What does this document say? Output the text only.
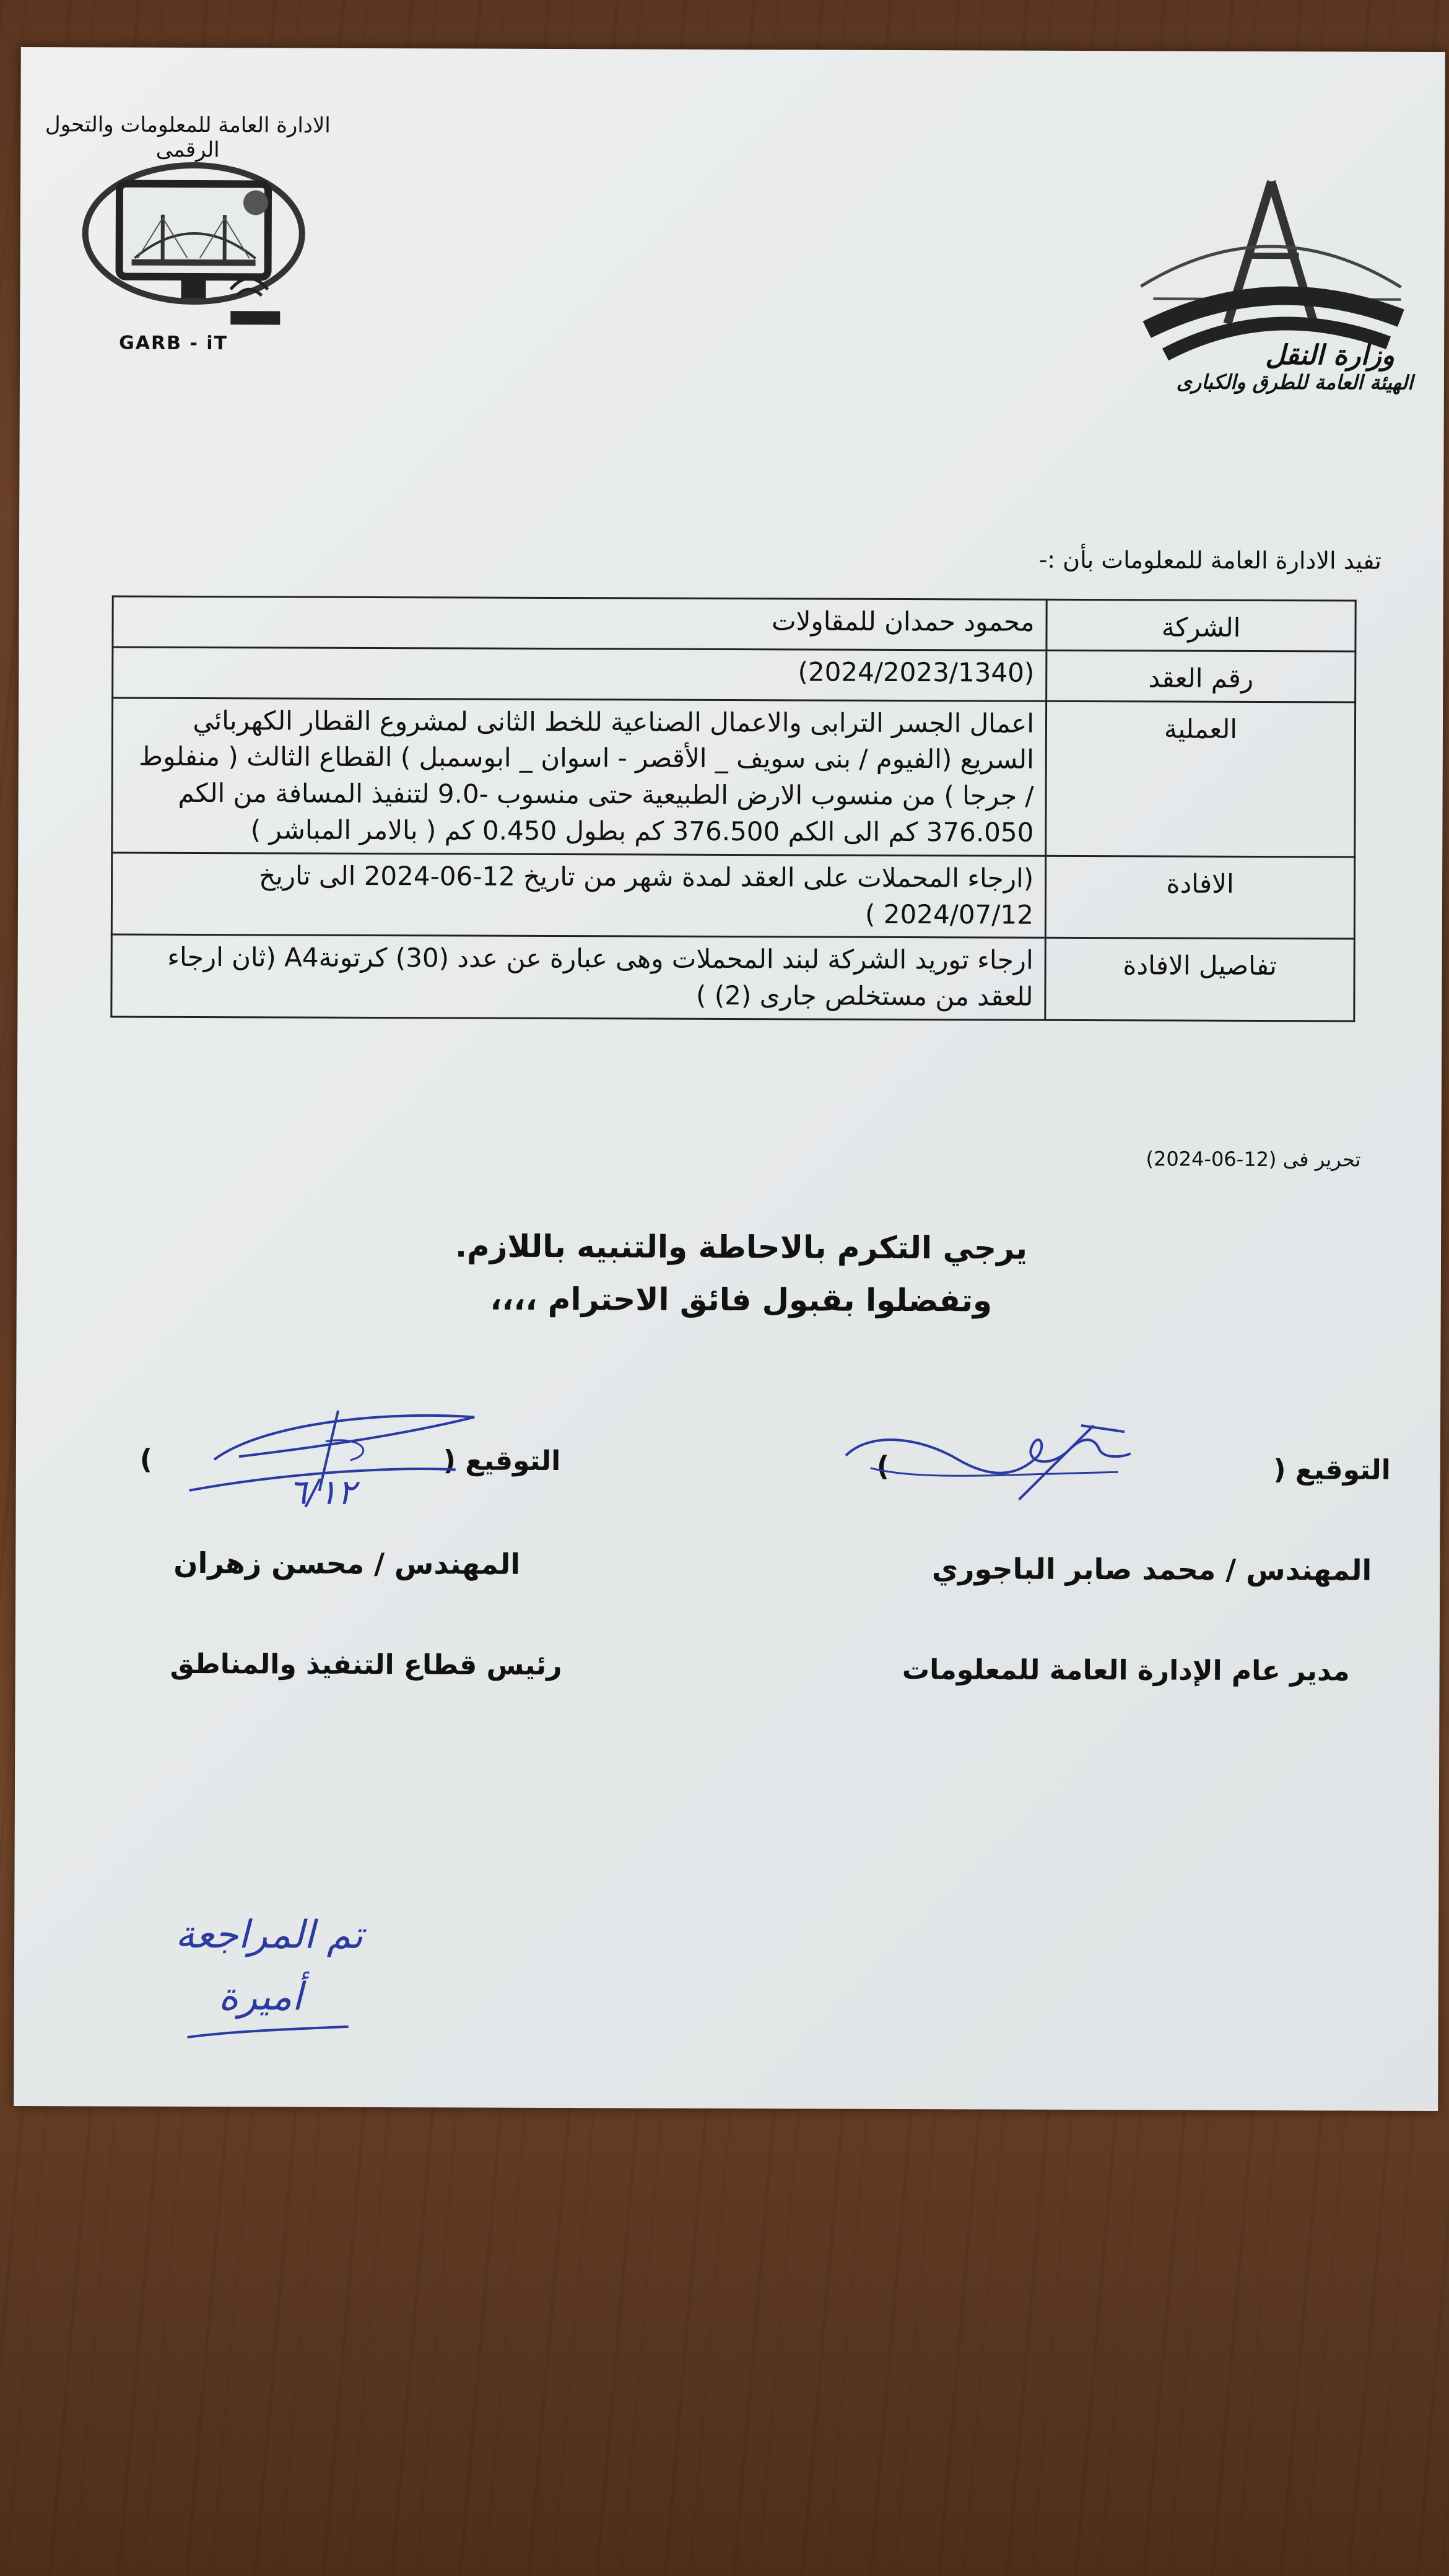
الادارة العامة للمعلومات والتحول الرقمى
GARB - iT	وزارة النقل
الهيئة العامة للطرق والكبارى
تفيد الادارة العامة للمعلومات بأن :-
الشركة	محمود حمدان للمقاولات
رقم العقد	(2024/2023/1340)
العملية	اعمال الجسر الترابى والاعمال الصناعية للخط الثانى لمشروع القطار الكهربائي السريع (الفيوم / بنى سويف _ الأقصر - اسوان _ ابوسمبل ) القطاع الثالث ( منفلوط / جرجا ) من منسوب الارض الطبيعية حتى منسوب -9.0 لتنفيذ المسافة من الكم 376.050 كم الى الكم 376.500 كم بطول 0.450 كم ( بالامر المباشر )
الافادة	(ارجاء المحملات على العقد لمدة شهر من تاريخ 12-06-2024 الى تاريخ 2024/07/12 )
تفاصيل الافادة	ارجاء توريد الشركة لبند المحملات وهى عبارة عن عدد (30) كرتونةA4 (ثان ارجاء للعقد من مستخلص جارى (2) )
تحرير فى (12-06-2024)
يرجي التكرم بالاحاطة والتنبيه باللازم.
وتفضلوا بقبول فائق الاحترام ،،،،
التوقيع (
)
المهندس / محمد صابر الباجوري
مدير عام الإدارة العامة للمعلومات
التوقيع (
)
٦/١٢
المهندس / محسن زهران
رئيس قطاع التنفيذ والمناطق
تم المراجعة
أميرة
